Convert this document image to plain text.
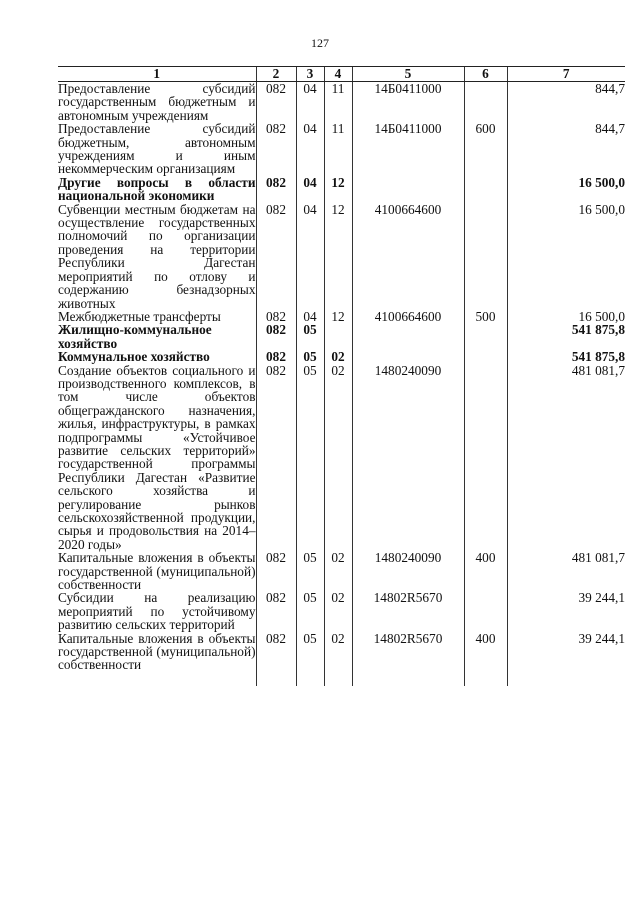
127
1	2	3	4	5	6	7
Предоставление субсидий государственным бюджетным и автономным учреждениям	082	04	11	14Б0411000		844,7
Предоставление субсидий бюджетным, автономным учреждениям и иным некоммерческим организациям	082	04	11	14Б0411000	600	844,7
Другие вопросы в области национальной экономики	082	04	12			16 500,0
Субвенции местным бюджетам на осуществление государственных полномочий по организации проведения на территории Республики Дагестан мероприятий по отлову и содержанию безнадзорных животных	082	04	12	4100664600		16 500,0
Межбюджетные трансферты	082	04	12	4100664600	500	16 500,0
Жилищно-коммунальное хозяйство	082	05				541 875,8
Коммунальное хозяйство	082	05	02			541 875,8
Создание объектов социального и производственного комплексов, в том числе объектов общегражданского назначения, жилья, инфраструктуры, в рамках подпрограммы «Устойчивое развитие сельских территорий» государственной программы Республики Дагестан «Развитие сельского хозяйства и регулирование рынков сельскохозяйственной продукции, сырья и продовольствия на 2014–2020 годы»	082	05	02	1480240090		481 081,7
Капитальные вложения в объекты государственной (муниципальной) собственности	082	05	02	1480240090	400	481 081,7
Субсидии на реализацию мероприятий по устойчивому развитию сельских территорий	082	05	02	14802R5670		39 244,1
Капитальные вложения в объекты государственной (муниципальной) собственности	082	05	02	14802R5670	400	39 244,1
